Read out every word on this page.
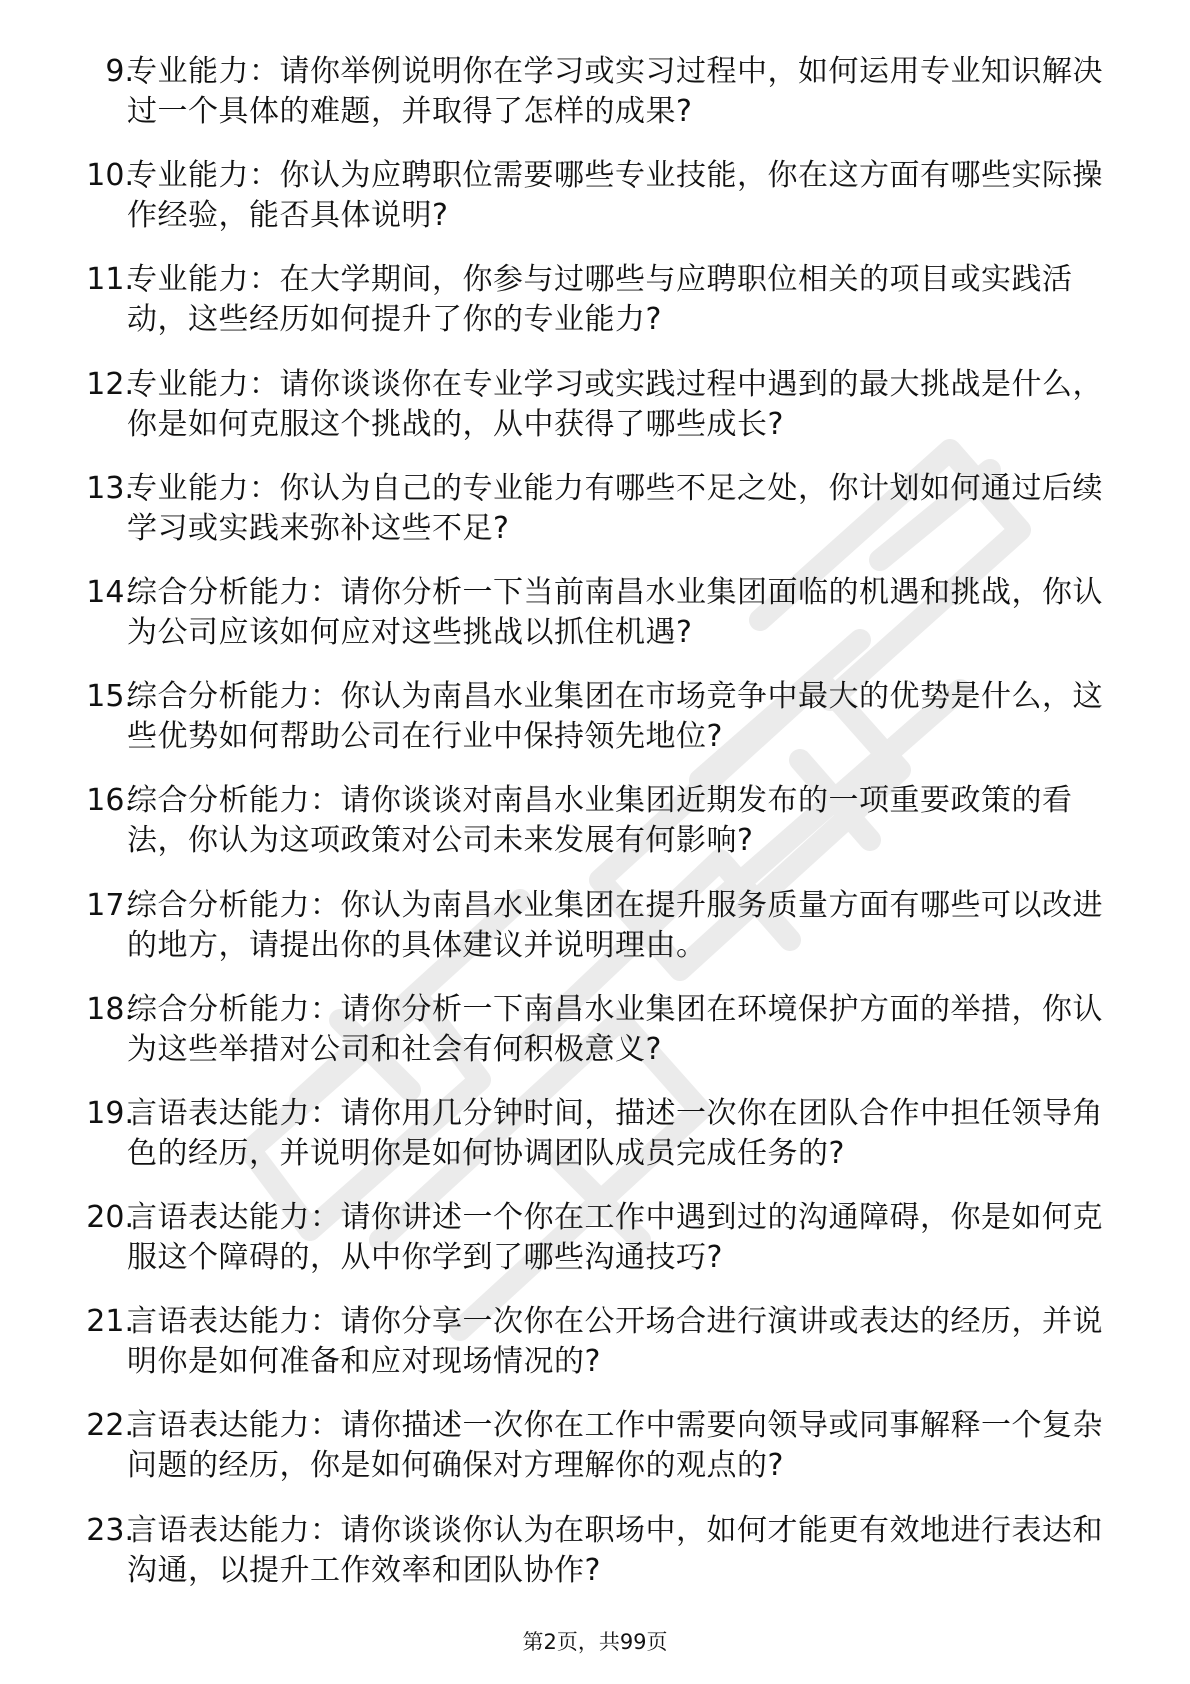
9.
专业能力：请你举例说明你在学习或实习过程中，如何运用专业知识解决过一个具体的难题，并取得了怎样的成果?
10.
专业能力：你认为应聘职位需要哪些专业技能，你在这方面有哪些实际操作经验，能否具体说明?
11.
专业能力：在大学期间，你参与过哪些与应聘职位相关的项目或实践活动，这些经历如何提升了你的专业能力?
12.
专业能力：请你谈谈你在专业学习或实践过程中遇到的最大挑战是什么，你是如何克服这个挑战的，从中获得了哪些成长?
13.
专业能力：你认为自己的专业能力有哪些不足之处，你计划如何通过后续学习或实践来弥补这些不足?
14.
综合分析能力：请你分析一下当前南昌水业集团面临的机遇和挑战，你认为公司应该如何应对这些挑战以抓住机遇?
15.
综合分析能力：你认为南昌水业集团在市场竞争中最大的优势是什么，这些优势如何帮助公司在行业中保持领先地位?
16.
综合分析能力：请你谈谈对南昌水业集团近期发布的一项重要政策的看法，你认为这项政策对公司未来发展有何影响?
17.
综合分析能力：你认为南昌水业集团在提升服务质量方面有哪些可以改进的地方，请提出你的具体建议并说明理由。
18.
综合分析能力：请你分析一下南昌水业集团在环境保护方面的举措，你认为这些举措对公司和社会有何积极意义?
19.
言语表达能力：请你用几分钟时间，描述一次你在团队合作中担任领导角色的经历，并说明你是如何协调团队成员完成任务的?
20.
言语表达能力：请你讲述一个你在工作中遇到过的沟通障碍，你是如何克服这个障碍的，从中你学到了哪些沟通技巧?
21.
言语表达能力：请你分享一次你在公开场合进行演讲或表达的经历，并说明你是如何准备和应对现场情况的?
22.
言语表达能力：请你描述一次你在工作中需要向领导或同事解释一个复杂问题的经历，你是如何确保对方理解你的观点的?
23.
言语表达能力：请你谈谈你认为在职场中，如何才能更有效地进行表达和沟通，以提升工作效率和团队协作?
第2页，共99页
